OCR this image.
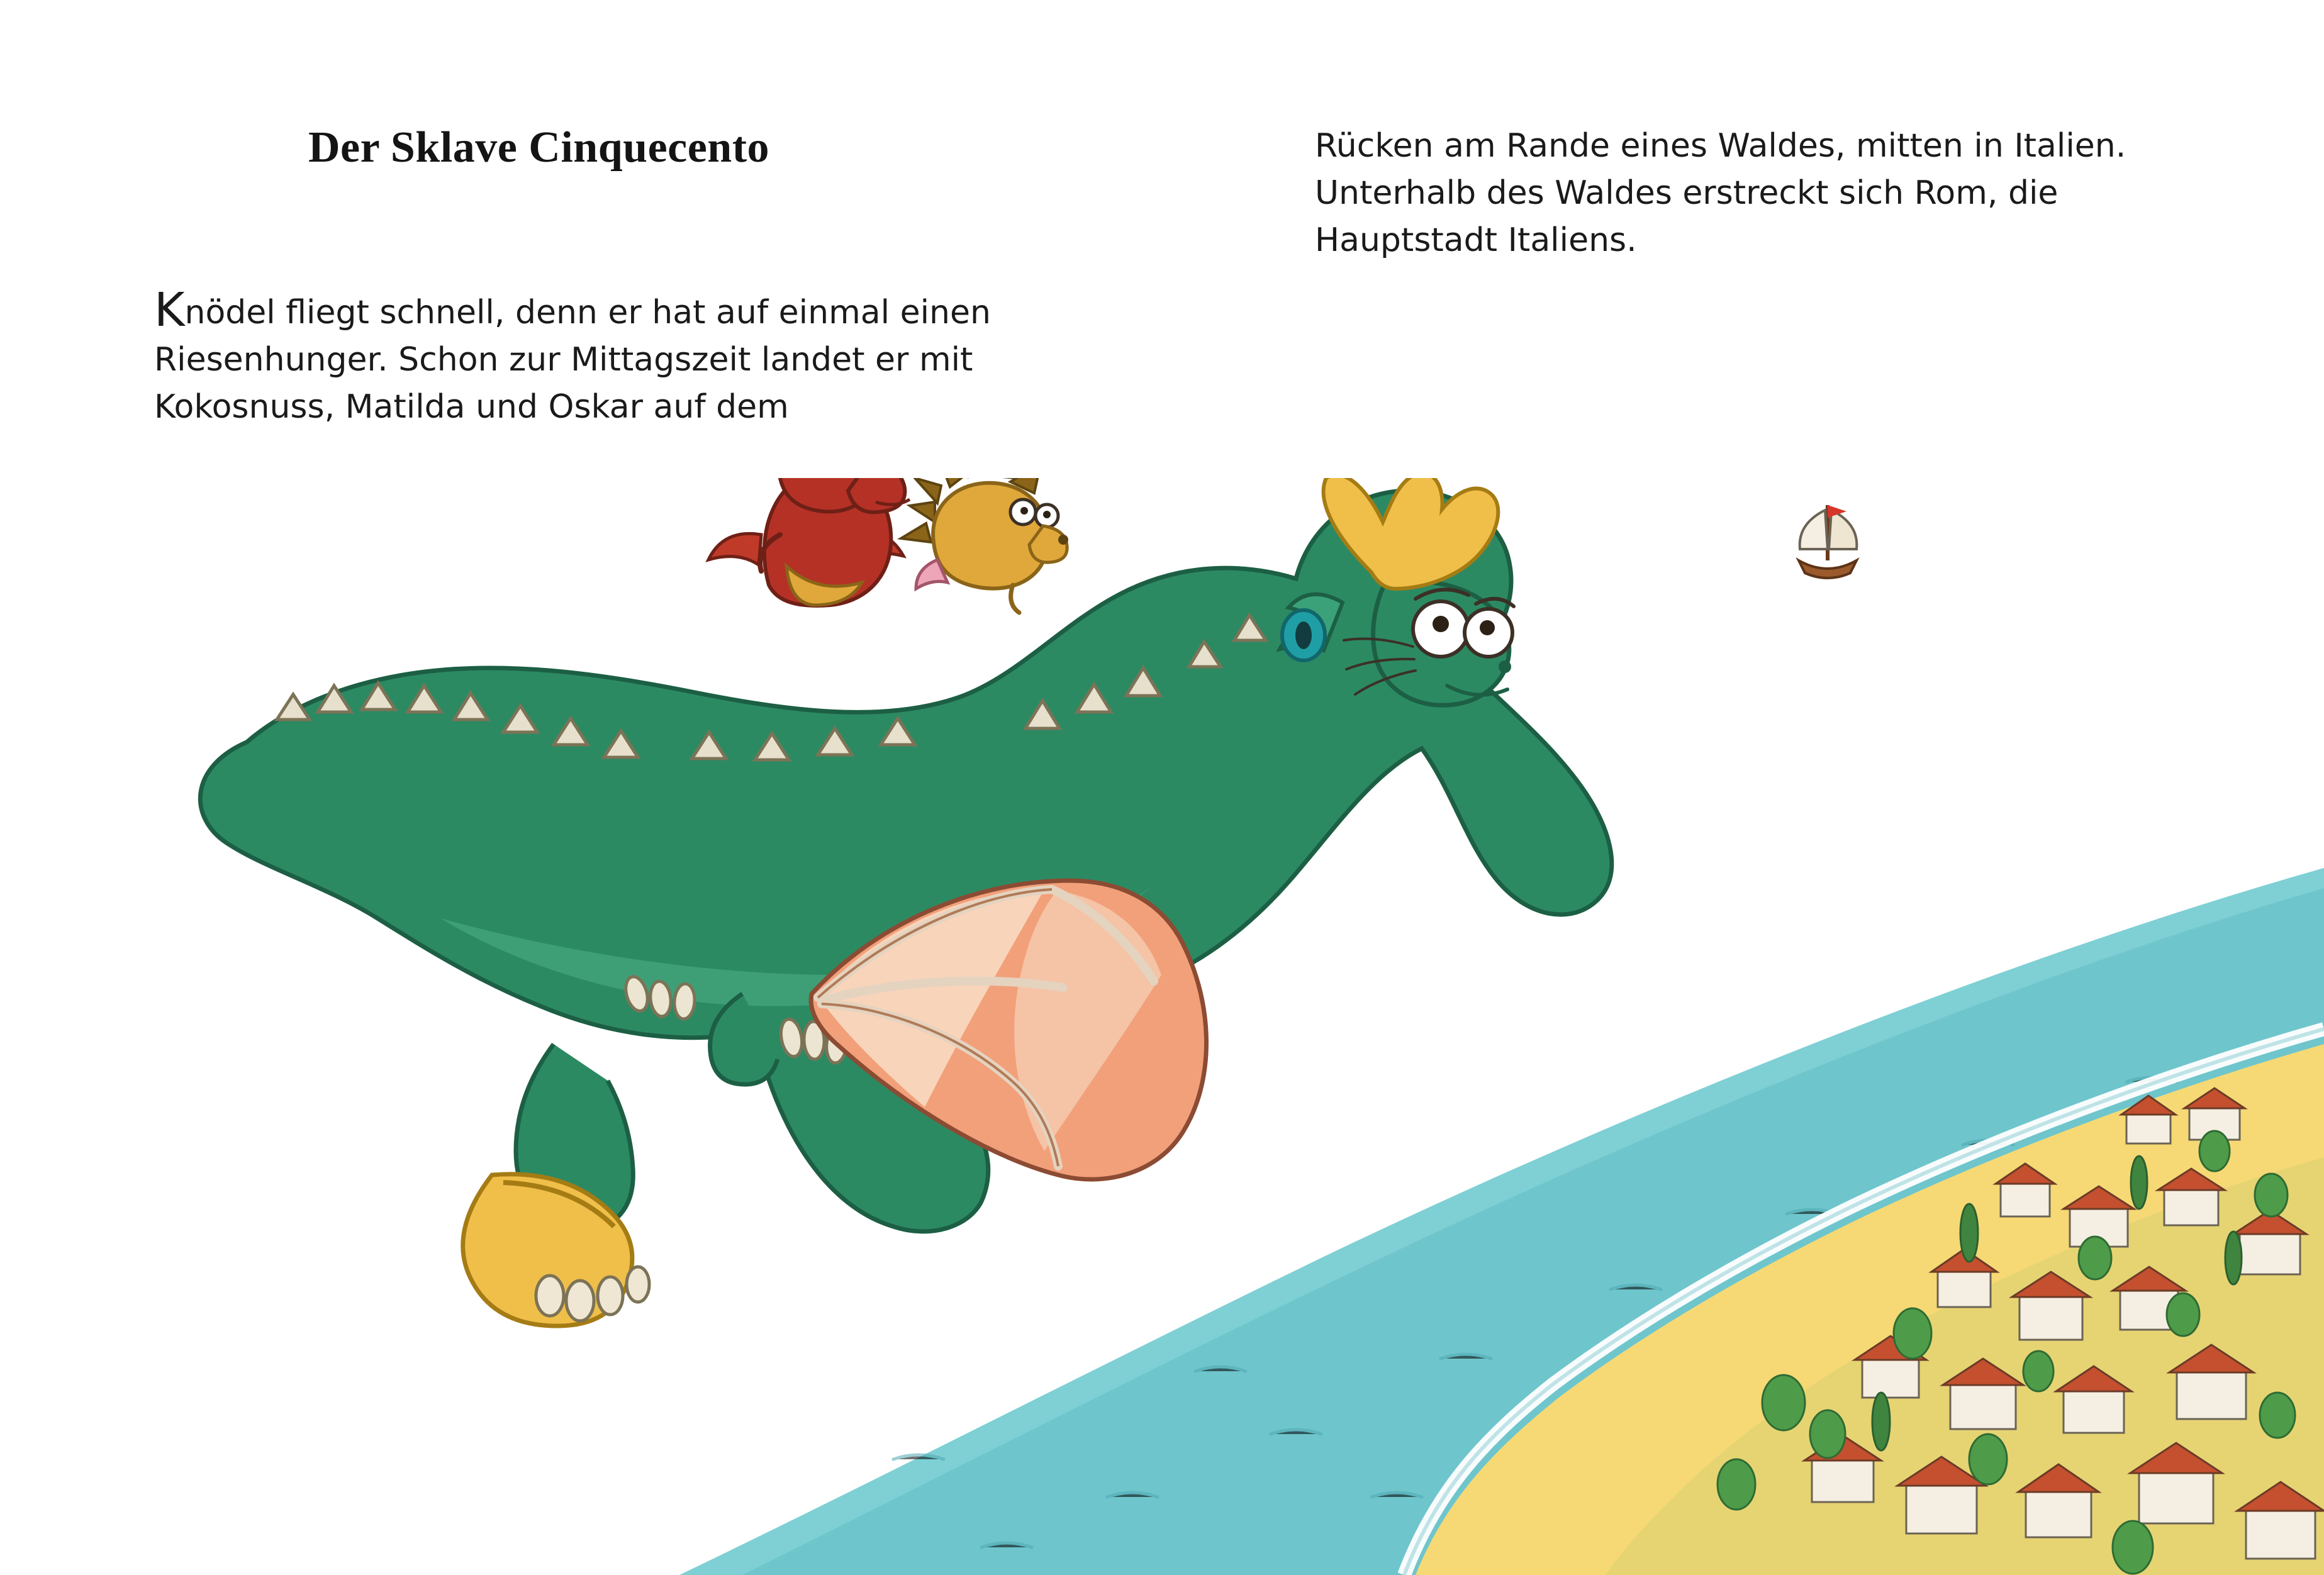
Der Sklave Cinquecento

Knödel fliegt schnell, denn er hat auf einmal einen Riesenhunger. Schon zur Mittagszeit landet er mit Kokosnuss, Matilda und Oskar auf dem

Rücken am Rande eines Waldes, mitten in Italien. Unterhalb des Waldes erstreckt sich Rom, die Hauptstadt Italiens.
